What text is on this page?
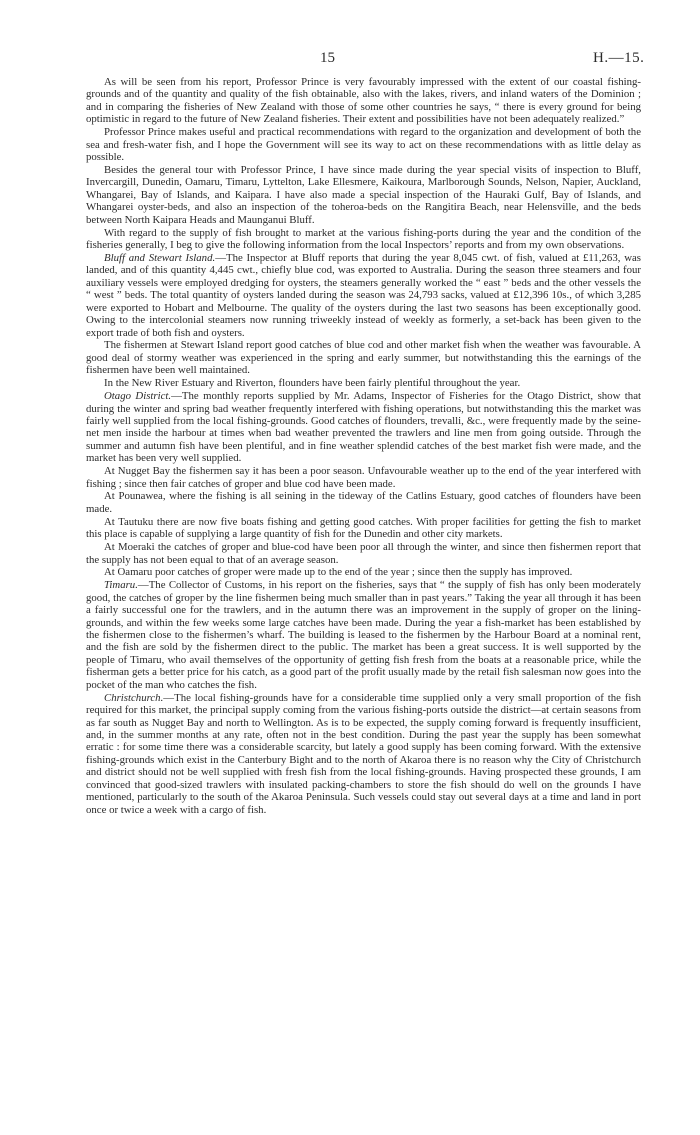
15	H.—15.

As will be seen from his report, Professor Prince is very favourably impressed with the extent of our coastal fishing-grounds and of the quantity and quality of the fish obtainable, also with the lakes, rivers, and inland waters of the Dominion ; and in comparing the fisheries of New Zealand with those of some other countries he says, “ there is every ground for being optimistic in regard to the future of New Zealand fisheries. Their extent and possibilities have not been adequately realized.”

Professor Prince makes useful and practical recommendations with regard to the organization and development of both the sea and fresh-water fish, and I hope the Government will see its way to act on these recommendations with as little delay as possible.

Besides the general tour with Professor Prince, I have since made during the year special visits of inspection to Bluff, Invercargill, Dunedin, Oamaru, Timaru, Lyttelton, Lake Ellesmere, Kaikoura, Marlborough Sounds, Nelson, Napier, Auckland, Whangarei, Bay of Islands, and Kaipara. I have also made a special inspection of the Hauraki Gulf, Bay of Islands, and Whangarei oyster-beds, and also an inspection of the toheroa-beds on the Rangitira Beach, near Helensville, and the beds between North Kaipara Heads and Maunganui Bluff.

With regard to the supply of fish brought to market at the various fishing-ports during the year and the condition of the fisheries generally, I beg to give the following information from the local Inspectors’ reports and from my own observations.

Bluff and Stewart Island.—The Inspector at Bluff reports that during the year 8,045 cwt. of fish, valued at £11,263, was landed, and of this quantity 4,445 cwt., chiefly blue cod, was exported to Australia. During the season three steamers and four auxiliary vessels were employed dredging for oysters, the steamers generally worked the “ east ” beds and the other vessels the “ west ” beds. The total quantity of oysters landed during the season was 24,793 sacks, valued at £12,396 10s., of which 3,285 were exported to Hobart and Melbourne. The quality of the oysters during the last two seasons has been exceptionally good. Owing to the intercolonial steamers now running triweekly instead of weekly as formerly, a set-back has been given to the export trade of both fish and oysters.

The fishermen at Stewart Island report good catches of blue cod and other market fish when the weather was favourable. A good deal of stormy weather was experienced in the spring and early summer, but notwithstanding this the earnings of the fishermen have been well maintained.

In the New River Estuary and Riverton, flounders have been fairly plentiful throughout the year.

Otago District.—The monthly reports supplied by Mr. Adams, Inspector of Fisheries for the Otago District, show that during the winter and spring bad weather frequently interfered with fishing operations, but notwithstanding this the market was fairly well supplied from the local fishing-grounds. Good catches of flounders, trevalli, &c., were frequently made by the seine-net men inside the harbour at times when bad weather prevented the trawlers and line men from going outside. Through the summer and autumn fish have been plentiful, and in fine weather splendid catches of the best market fish were made, and the market has been very well supplied.

At Nugget Bay the fishermen say it has been a poor season. Unfavourable weather up to the end of the year interfered with fishing ; since then fair catches of groper and blue cod have been made.

At Pounawea, where the fishing is all seining in the tideway of the Catlins Estuary, good catches of flounders have been made.

At Tautuku there are now five boats fishing and getting good catches. With proper facilities for getting the fish to market this place is capable of supplying a large quantity of fish for the Dunedin and other city markets.

At Moeraki the catches of groper and blue-cod have been poor all through the winter, and since then fishermen report that the supply has not been equal to that of an average season.

At Oamaru poor catches of groper were made up to the end of the year ; since then the supply has improved.

Timaru.—The Collector of Customs, in his report on the fisheries, says that “ the supply of fish has only been moderately good, the catches of groper by the line fishermen being much smaller than in past years.” Taking the year all through it has been a fairly successful one for the trawlers, and in the autumn there was an improvement in the supply of groper on the lining-grounds, and within the few weeks some large catches have been made. During the year a fish-market has been established by the fishermen close to the fishermen’s wharf. The building is leased to the fishermen by the Harbour Board at a nominal rent, and the fish are sold by the fishermen direct to the public. The market has been a great success. It is well supported by the people of Timaru, who avail themselves of the opportunity of getting fish fresh from the boats at a reasonable price, while the fisherman gets a better price for his catch, as a good part of the profit usually made by the retail fish salesman now goes into the pocket of the man who catches the fish.

Christchurch.—The local fishing-grounds have for a considerable time supplied only a very small proportion of the fish required for this market, the principal supply coming from the various fishing-ports outside the district—at certain seasons from as far south as Nugget Bay and north to Wellington. As is to be expected, the supply coming forward is frequently insufficient, and, in the summer months at any rate, often not in the best condition. During the past year the supply has been somewhat erratic : for some time there was a considerable scarcity, but lately a good supply has been coming forward. With the extensive fishing-grounds which exist in the Canterbury Bight and to the north of Akaroa there is no reason why the City of Christchurch and district should not be well supplied with fresh fish from the local fishing-grounds. Having prospected these grounds, I am convinced that good-sized trawlers with insulated packing-chambers to store the fish should do well on the grounds I have mentioned, particularly to the south of the Akaroa Peninsula. Such vessels could stay out several days at a time and land in port once or twice a week with a cargo of fish.
